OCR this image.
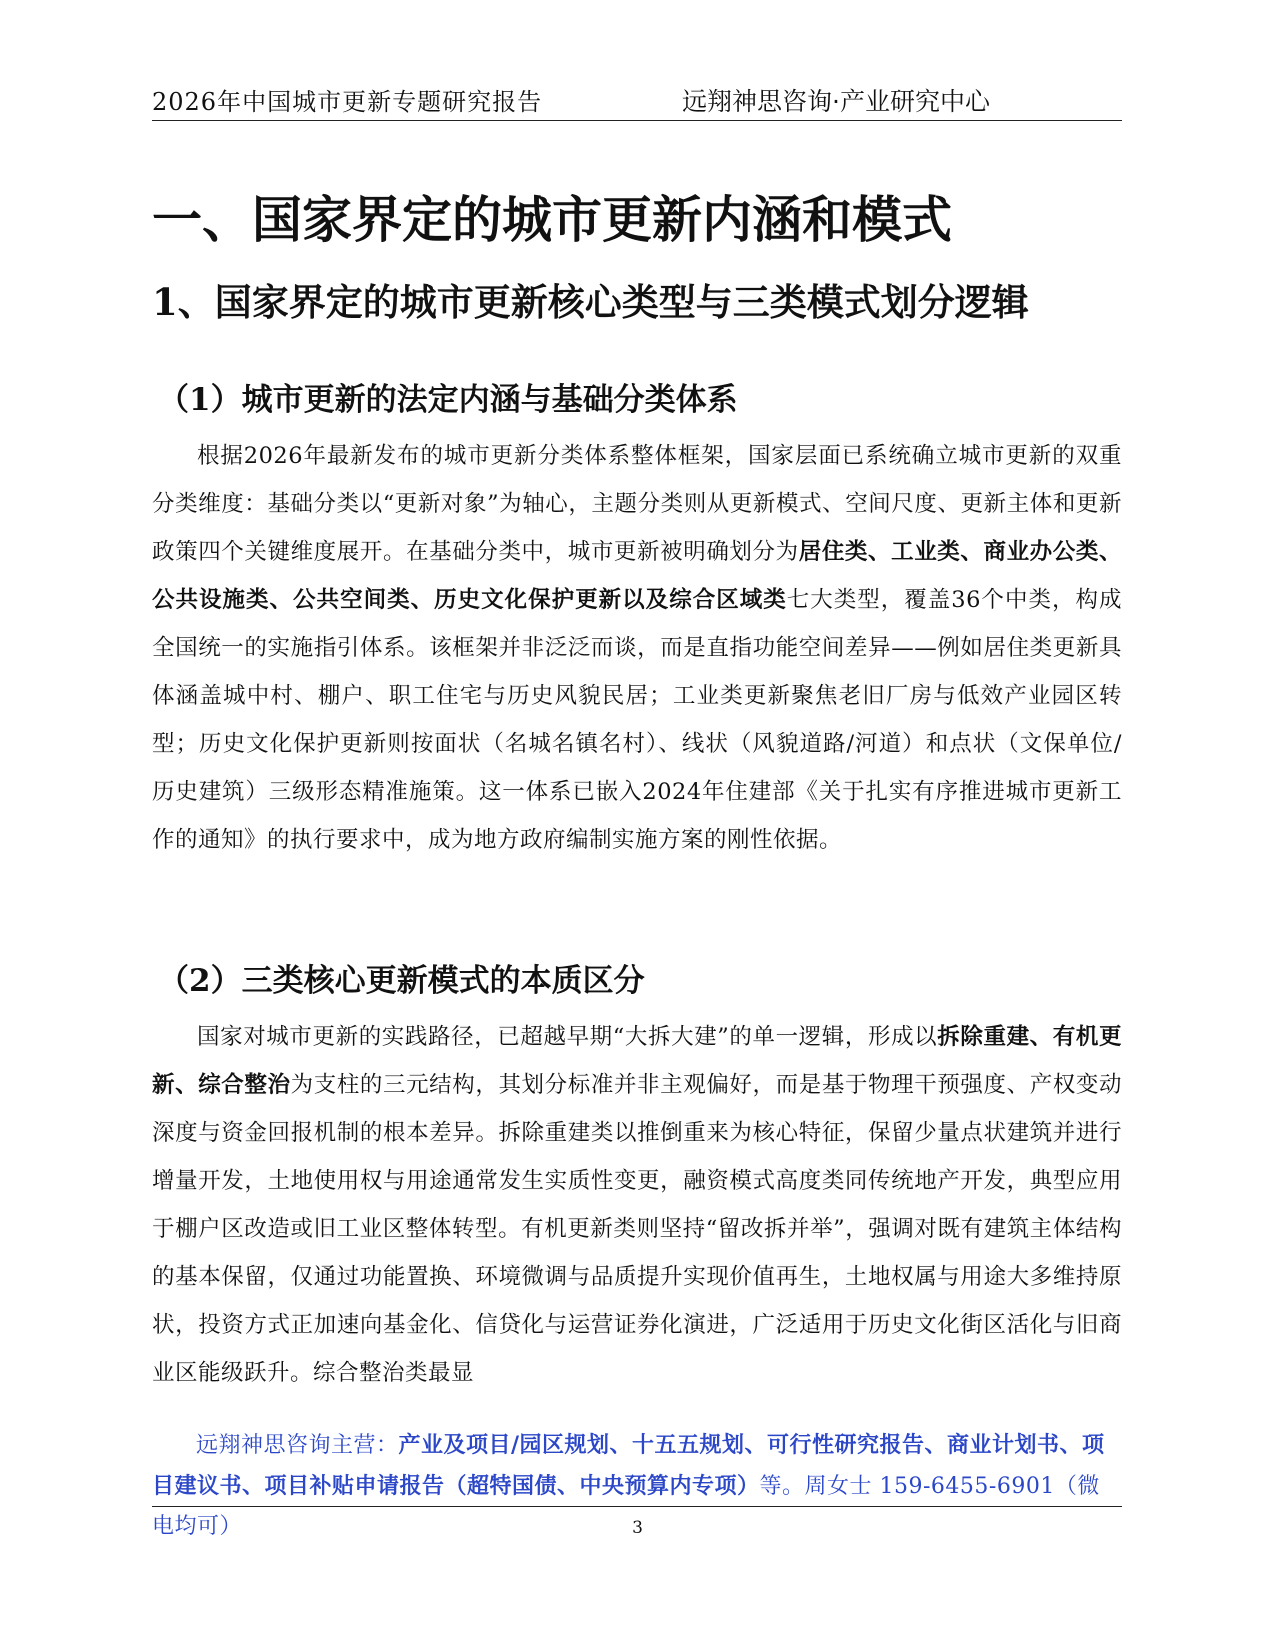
2026年中国城市更新专题研究报告	远翔神思咨询·产业研究中心
一、国家界定的城市更新内涵和模式
1、国家界定的城市更新核心类型与三类模式划分逻辑
（1）城市更新的法定内涵与基础分类体系
根据2026年最新发布的城市更新分类体系整体框架，国家层面已系统确立城市更新的双重分类维度：基础分类以“更新对象”为轴心，主题分类则从更新模式、空间尺度、更新主体和更新政策四个关键维度展开。在基础分类中，城市更新被明确划分为居住类、工业类、商业办公类、公共设施类、公共空间类、历史文化保护更新以及综合区域类七大类型，覆盖36个中类，构成全国统一的实施指引体系。该框架并非泛泛而谈，而是直指功能空间差异——例如居住类更新具体涵盖城中村、棚户、职工住宅与历史风貌民居；工业类更新聚焦老旧厂房与低效产业园区转型；历史文化保护更新则按面状（名城名镇名村）、线状（风貌道路/河道）和点状（文保单位/历史建筑）三级形态精准施策。这一体系已嵌入2024年住建部《关于扎实有序推进城市更新工作的通知》的执行要求中，成为地方政府编制实施方案的刚性依据。
（2）三类核心更新模式的本质区分
国家对城市更新的实践路径，已超越早期“大拆大建”的单一逻辑，形成以拆除重建、有机更新、综合整治为支柱的三元结构，其划分标准并非主观偏好，而是基于物理干预强度、产权变动深度与资金回报机制的根本差异。拆除重建类以推倒重来为核心特征，保留少量点状建筑并进行增量开发，土地使用权与用途通常发生实质性变更，融资模式高度类同传统地产开发，典型应用于棚户区改造或旧工业区整体转型。有机更新类则坚持“留改拆并举”，强调对既有建筑主体结构的基本保留，仅通过功能置换、环境微调与品质提升实现价值再生，土地权属与用途大多维持原状，投资方式正加速向基金化、信贷化与运营证券化演进，广泛适用于历史文化街区活化与旧商业区能级跃升。综合整治类最显
远翔神思咨询主营：产业及项目/园区规划、十五五规划、可行性研究报告、商业计划书、项目建议书、项目补贴申请报告（超特国债、中央预算内专项）等。周女士 159-6455-6901（微电均可）	3
